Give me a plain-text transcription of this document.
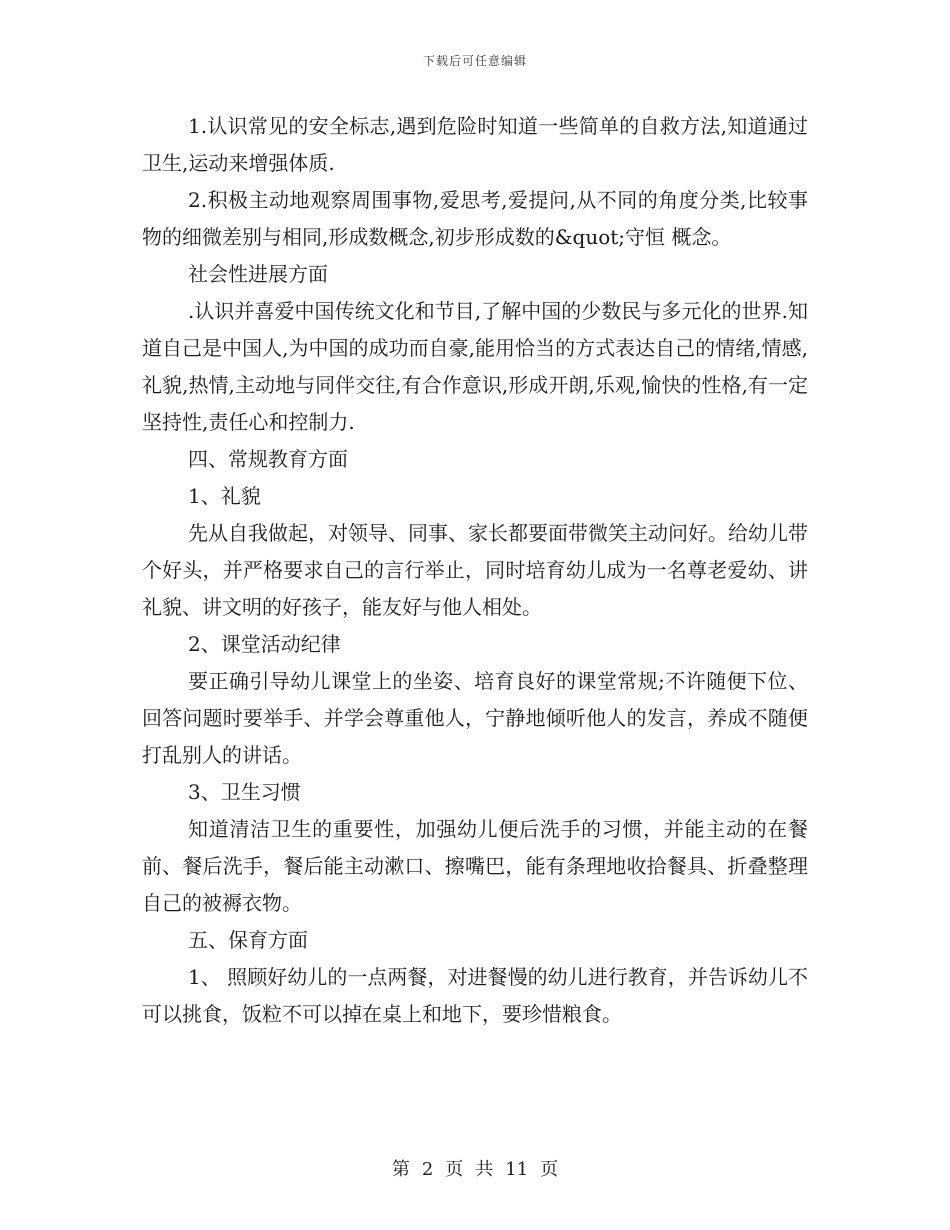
下载后可任意编辑

1.认识常见的安全标志,遇到危险时知道一些简单的自救方法,知道通过卫生,运动来增强体质.

2.积极主动地观察周围事物,爱思考,爱提问,从不同的角度分类,比较事物的细微差别与相同,形成数概念,初步形成数的&quot;守恒 概念。

社会性进展方面

.认识并喜爱中国传统文化和节目,了解中国的少数民与多元化的世界.知道自己是中国人,为中国的成功而自豪,能用恰当的方式表达自己的情绪,情感,礼貌,热情,主动地与同伴交往,有合作意识,形成开朗,乐观,愉快的性格,有一定坚持性,责任心和控制力.

四、常规教育方面

1、礼貌

先从自我做起，对领导、同事、家长都要面带微笑主动问好。给幼儿带个好头，并严格要求自己的言行举止，同时培育幼儿成为一名尊老爱幼、讲礼貌、讲文明的好孩子，能友好与他人相处。

2、课堂活动纪律

要正确引导幼儿课堂上的坐姿、培育良好的课堂常规;不许随便下位、回答问题时要举手、并学会尊重他人，宁静地倾听他人的发言，养成不随便打乱别人的讲话。

3、卫生习惯

知道清洁卫生的重要性，加强幼儿便后洗手的习惯，并能主动的在餐前、餐后洗手，餐后能主动漱口、擦嘴巴，能有条理地收拾餐具、折叠整理自己的被褥衣物。

五、保育方面

1、 照顾好幼儿的一点两餐，对进餐慢的幼儿进行教育，并告诉幼儿不可以挑食，饭粒不可以掉在桌上和地下，要珍惜粮食。

第 2 页 共 11 页
